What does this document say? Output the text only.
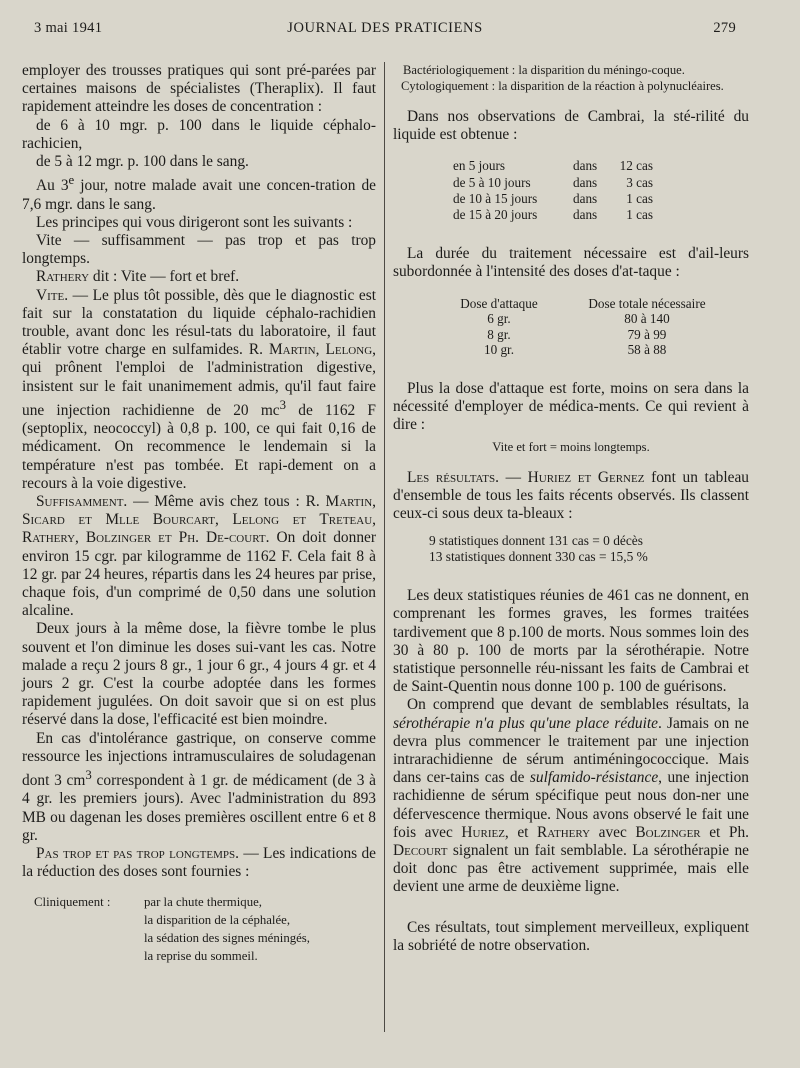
3 mai 1941	JOURNAL DES PRATICIENS	279

employer des trousses pratiques qui sont pré-parées par certaines maisons de spécialistes (Theraplix). Il faut rapidement atteindre les doses de concentration :

de 6 à 10 mgr. p. 100 dans le liquide céphalo-rachicien,

de 5 à 12 mgr. p. 100 dans le sang.

Au 3e jour, notre malade avait une concen-tration de 7,6 mgr. dans le sang.

Les principes qui vous dirigeront sont les suivants :

Vite — suffisamment — pas trop et pas trop longtemps.

Rathery dit : Vite — fort et bref.

Vite. — Le plus tôt possible, dès que le diagnostic est fait sur la constatation du liquide céphalo-rachidien trouble, avant donc les résul-tats du laboratoire, il faut établir votre charge en sulfamides. R. Martin, Lelong, qui prônent l'emploi de l'administration digestive, insistent sur le fait unanimement admis, qu'il faut faire une injection rachidienne de 20 $mc^3$ de 1162 F (septoplix, neococcyl) à 0,8 p. 100, ce qui fait 0,16 de médicament. On recommence le lendemain si la température n'est pas tombée. Et rapi-dement on a recours à la voie digestive.

Suffisamment. — Même avis chez tous : R. Martin, Sicard et Mlle Bourcart, Lelong et Treteau, Rathery, Bolzinger et Ph. De-court. On doit donner environ 15 cgr. par kilogramme de 1162 F. Cela fait 8 à 12 gr. par 24 heures, répartis dans les 24 heures par prise, chaque fois, d'un comprimé de 0,50 dans une solution alcaline.

Deux jours à la même dose, la fièvre tombe le plus souvent et l'on diminue les doses sui-vant les cas. Notre malade a reçu 2 jours 8 gr., 1 jour 6 gr., 4 jours 4 gr. et 4 jours 2 gr. C'est la courbe adoptée dans les formes rapidement jugulées. On doit savoir que si on est plus réservé dans la dose, l'efficacité est bien moindre.

En cas d'intolérance gastrique, on conserve comme ressource les injections intramusculaires de soludagenan dont 3 $cm^3$ correspondent à 1 gr. de médicament (de 3 à 4 gr. les premiers jours). Avec l'administration du 893 MB ou dagenan les doses premières oscillent entre 6 et 8 gr.

Pas trop et pas trop longtemps. — Les indications de la réduction des doses sont fournies :

Cliniquement :	par la chute thermique,
la disparition de la céphalée,
la sédation des signes méningés,
la reprise du sommeil.

Bactériologiquement : la disparition du méningo-coque.

Cytologiquement : la disparition de la réaction à polynucléaires.

Dans nos observations de Cambrai, la sté-rilité du liquide est obtenue :

en 5 jours	dans	12 cas
de 5 à 10 jours	dans	3 cas
de 10 à 15 jours	dans	1 cas
de 15 à 20 jours	dans	1 cas

La durée du traitement nécessaire est d'ail-leurs subordonnée à l'intensité des doses d'at-taque :

Dose d'attaque	Dose totale nécessaire
6 gr.	80 à 140
8 gr.	79 à 99
10 gr.	58 à 88

Plus la dose d'attaque est forte, moins on sera dans la nécessité d'employer de médica-ments. Ce qui revient à dire :

Vite et fort = moins longtemps.

Les résultats. — Huriez et Gernez font un tableau d'ensemble de tous les faits récents observés. Ils classent ceux-ci sous deux ta-bleaux :

9 statistiques donnent 131 cas = 0 décès
13 statistiques donnent 330 cas = 15,5 %

Les deux statistiques réunies de 461 cas ne donnent, en comprenant les formes graves, les formes traitées tardivement que 8 p.100 de morts. Nous sommes loin des 30 à 80 p. 100 de morts par la sérothérapie. Notre statistique personnelle réu-nissant les faits de Cambrai et de Saint-Quentin nous donne 100 p. 100 de guérisons.

On comprend que devant de semblables résultats, la sérothérapie n'a plus qu'une place réduite. Jamais on ne devra plus commencer le traitement par une injection intrarachidienne de sérum antiméningococcique. Mais dans cer-tains cas de sulfamido-résistance, une injection rachidienne de sérum spécifique peut nous don-ner une défervescence thermique. Nous avons observé le fait une fois avec Huriez, et Rathery avec Bolzinger et Ph. Decourt signalent un fait semblable. La sérothérapie ne doit donc pas être activement supprimée, mais elle devient une arme de deuxième ligne.

Ces résultats, tout simplement merveilleux, expliquent la sobriété de notre observation.
